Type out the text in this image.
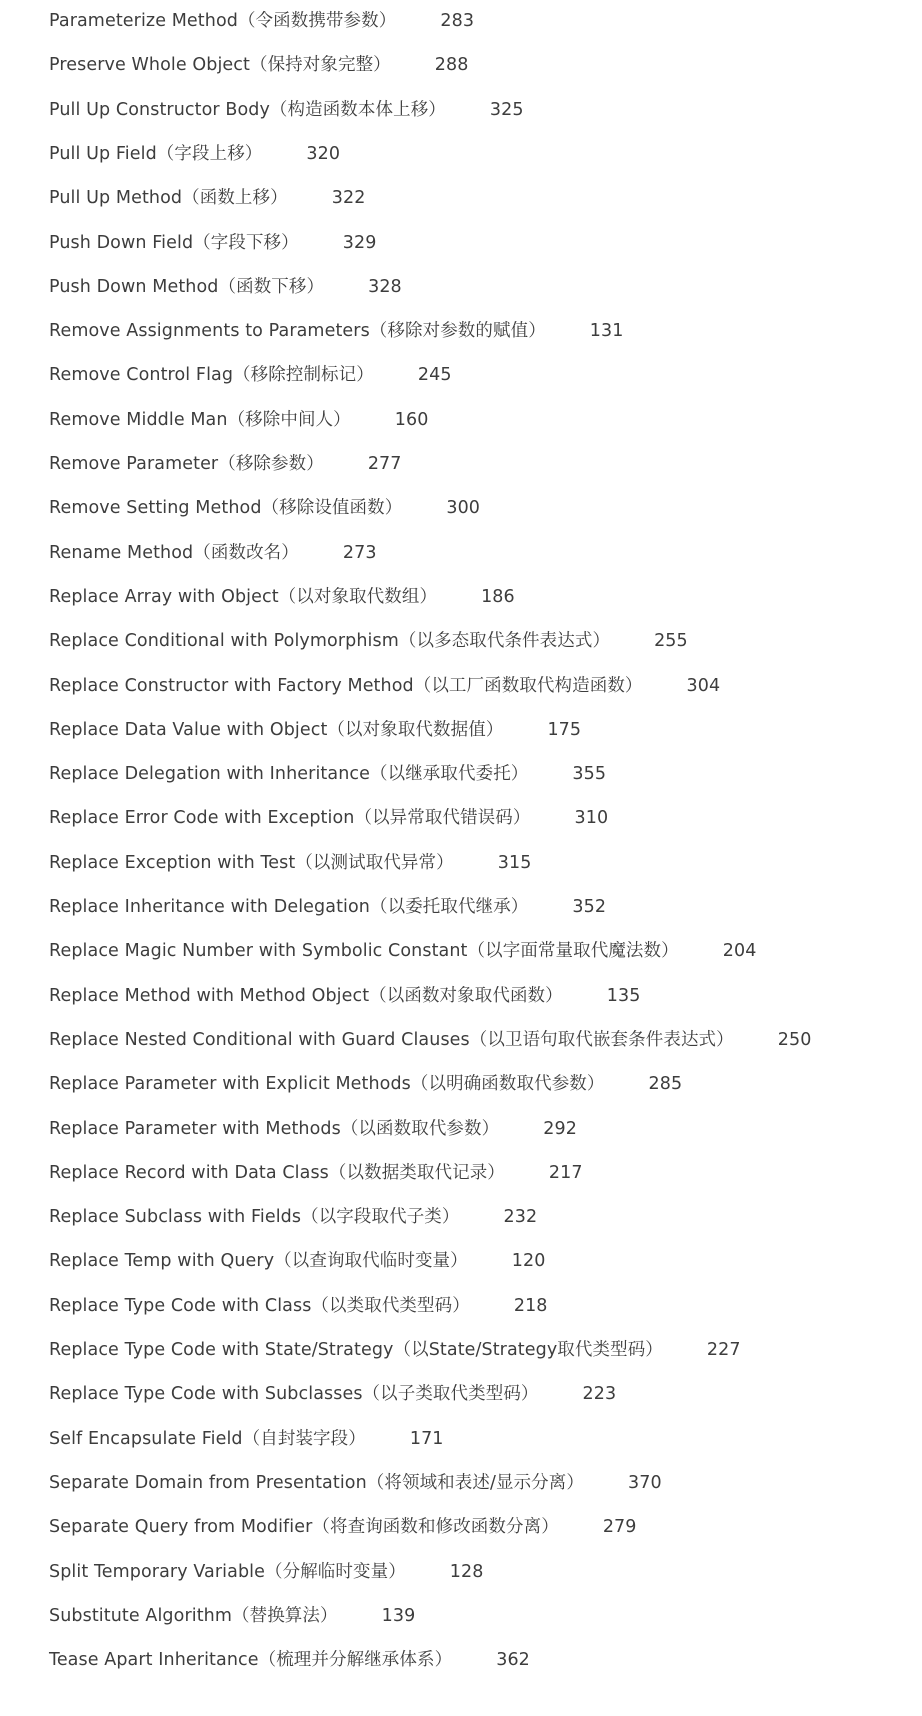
Parameterize Method（令函数携带参数）	283
Preserve Whole Object（保持对象完整）	288
Pull Up Constructor Body（构造函数本体上移）	325
Pull Up Field（字段上移）	320
Pull Up Method（函数上移）	322
Push Down Field（字段下移）	329
Push Down Method（函数下移）	328
Remove Assignments to Parameters（移除对参数的赋值）	131
Remove Control Flag（移除控制标记）	245
Remove Middle Man（移除中间人）	160
Remove Parameter（移除参数）	277
Remove Setting Method（移除设值函数）	300
Rename Method（函数改名）	273
Replace Array with Object（以对象取代数组）	186
Replace Conditional with Polymorphism（以多态取代条件表达式）	255
Replace Constructor with Factory Method（以工厂函数取代构造函数）	304
Replace Data Value with Object（以对象取代数据值）	175
Replace Delegation with Inheritance（以继承取代委托）	355
Replace Error Code with Exception（以异常取代错误码）	310
Replace Exception with Test（以测试取代异常）	315
Replace Inheritance with Delegation（以委托取代继承）	352
Replace Magic Number with Symbolic Constant（以字面常量取代魔法数）	204
Replace Method with Method Object（以函数对象取代函数）	135
Replace Nested Conditional with Guard Clauses（以卫语句取代嵌套条件表达式）	250
Replace Parameter with Explicit Methods（以明确函数取代参数）	285
Replace Parameter with Methods（以函数取代参数）	292
Replace Record with Data Class（以数据类取代记录）	217
Replace Subclass with Fields（以字段取代子类）	232
Replace Temp with Query（以查询取代临时变量）	120
Replace Type Code with Class（以类取代类型码）	218
Replace Type Code with State/Strategy（以State/Strategy取代类型码）	227
Replace Type Code with Subclasses（以子类取代类型码）	223
Self Encapsulate Field（自封装字段）	171
Separate Domain from Presentation（将领域和表述/显示分离）	370
Separate Query from Modifier（将查询函数和修改函数分离）	279
Split Temporary Variable（分解临时变量）	128
Substitute Algorithm（替换算法）	139
Tease Apart Inheritance（梳理并分解继承体系）	362
